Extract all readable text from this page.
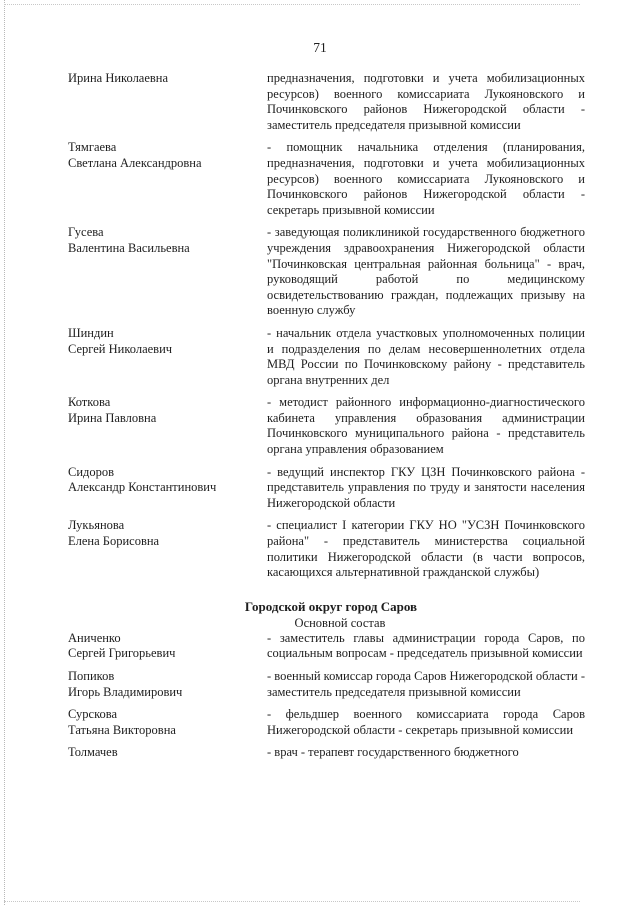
71
Ирина Николаевна	предназначения, подготовки и учета мобилизационных ресурсов) военного комиссариата Лукояновского и Починковского районов Нижегородской области - заместитель председателя призывной комиссии
Тямгаева
Светлана Александровна
- помощник начальника отделения (планирования, предназначения, подготовки и учета мобилизационных ресурсов) военного комиссариата Лукояновского и Починковского районов Нижегородской области - секретарь призывной комиссии
Гусева
Валентина Васильевна
- заведующая поликлиникой государственного бюджетного учреждения здравоохранения Нижегородской области "Починковская центральная районная больница" - врач, руководящий работой по медицинскому освидетельствованию граждан, подлежащих призыву на военную службу
Шиндин
Сергей Николаевич
- начальник отдела участковых уполномоченных полиции и подразделения по делам несовершеннолетних отдела МВД России по Починковскому району - представитель органа внутренних дел
Коткова
Ирина Павловна
- методист районного информационно-диагностического кабинета управления образования администрации Починковского муниципального района - представитель органа управления образованием
Сидоров
Александр Константинович
- ведущий инспектор ГКУ ЦЗН Починковского района - представитель управления по труду и занятости населения Нижегородской области
Лукьянова
Елена Борисовна
- специалист I категории ГКУ НО "УСЗН Починковского района" - представитель министерства социальной политики Нижегородской области (в части вопросов, касающихся альтернативной гражданской службы)
Городской округ город Саров
Основной состав
Аниченко
Сергей Григорьевич
- заместитель главы администрации города Саров, по социальным вопросам - председатель призывной комиссии
Попиков
Игорь Владимирович
- военный комиссар города Саров Нижегородской области - заместитель председателя призывной комиссии
Сурскова
Татьяна Викторовна
- фельдшер военного комиссариата города Саров Нижегородской области - секретарь призывной комиссии
Толмачев	- врач - терапевт государственного бюджетного
